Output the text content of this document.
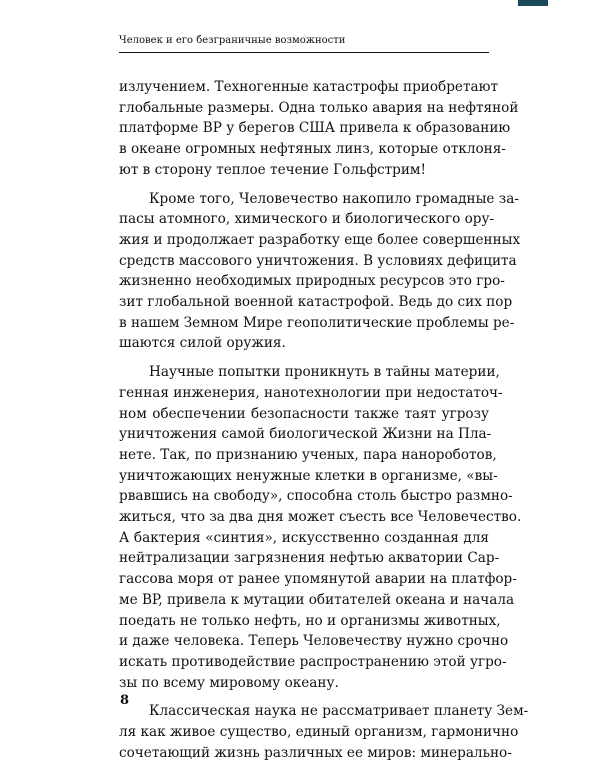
Человек и его безграничные возможности
излучением. Техногенные катастрофы приобретают
глобальные размеры. Одна только авария на нефтяной
платформе BP у берегов США привела к образованию
в океане огромных нефтяных линз, которые отклоня-
ют в сторону теплое течение Гольфстрим!
Кроме того, Человечество накопило громадные за-
пасы атомного, химического и биологического ору-
жия и продолжает разработку еще более совершенных
средств массового уничтожения. В условиях дефицита
жизненно необходимых природных ресурсов это гро-
зит глобальной военной катастрофой. Ведь до сих пор
в нашем Земном Мире геополитические проблемы ре-
шаются силой оружия.
Научные попытки проникнуть в тайны материи,
генная инженерия, нанотехнологии при недостаточ-
ном обеспечении безопасности также таят угрозу
уничтожения самой биологической Жизни на Пла-
нете. Так, по признанию ученых, пара нанороботов,
уничтожающих ненужные клетки в организме, «вы-
рвавшись на свободу», способна столь быстро размно-
житься, что за два дня может съесть все Человечество.
А бактерия «синтия», искусственно созданная для
нейтрализации загрязнения нефтью акватории Сар-
гассова моря от ранее упомянутой аварии на платфор-
ме BP, привела к мутации обитателей океана и начала
поедать не только нефть, но и организмы животных,
и даже человека. Теперь Человечеству нужно срочно
искать противодействие распространению этой угро-
зы по всему мировому океану.
Классическая наука не рассматривает планету Зем-
ля как живое существо, единый организм, гармонично
сочетающий жизнь различных ее миров: минерально-
8
